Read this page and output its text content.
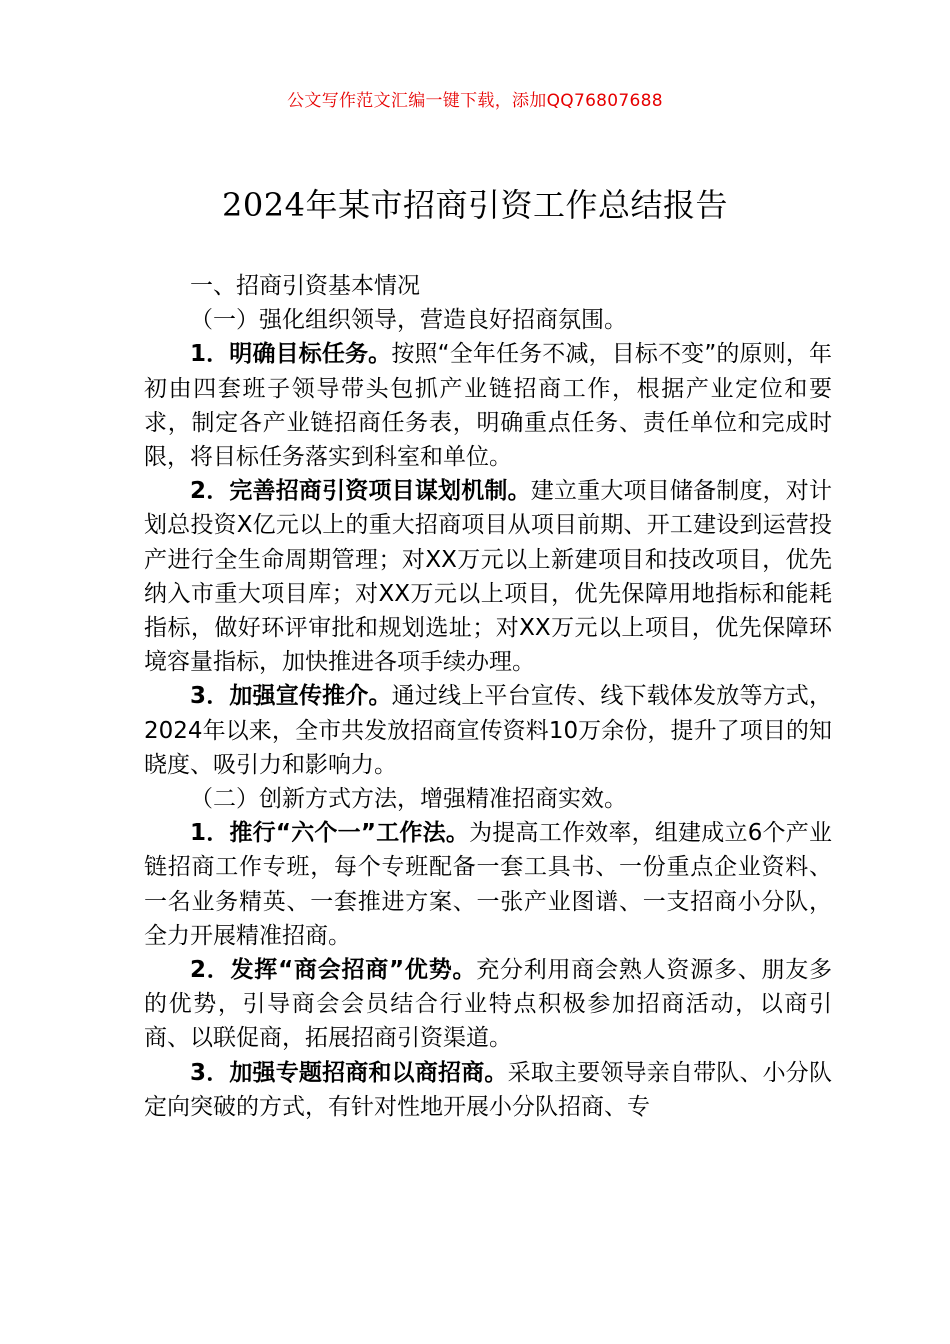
公文写作范文汇编一键下载，添加QQ76807688
2024年某市招商引资工作总结报告

一、招商引资基本情况

（一）强化组织领导，营造良好招商氛围。

1．明确目标任务。按照“全年任务不减，目标不变”的原则，年初由四套班子领导带头包抓产业链招商工作，根据产业定位和要求，制定各产业链招商任务表，明确重点任务、责任单位和完成时限，将目标任务落实到科室和单位。

2．完善招商引资项目谋划机制。建立重大项目储备制度，对计划总投资X亿元以上的重大招商项目从项目前期、开工建设到运营投产进行全生命周期管理；对XX万元以上新建项目和技改项目，优先纳入市重大项目库；对XX万元以上项目，优先保障用地指标和能耗指标，做好环评审批和规划选址；对XX万元以上项目，优先保障环境容量指标，加快推进各项手续办理。

3．加强宣传推介。通过线上平台宣传、线下载体发放等方式，2024年以来，全市共发放招商宣传资料10万余份，提升了项目的知晓度、吸引力和影响力。

（二）创新方式方法，增强精准招商实效。

1．推行“六个一”工作法。为提高工作效率，组建成立6个产业链招商工作专班，每个专班配备一套工具书、一份重点企业资料、一名业务精英、一套推进方案、一张产业图谱、一支招商小分队，全力开展精准招商。

2．发挥“商会招商”优势。充分利用商会熟人资源多、朋友多的优势，引导商会会员结合行业特点积极参加招商活动，以商引商、以联促商，拓展招商引资渠道。

3．加强专题招商和以商招商。采取主要领导亲自带队、小分队定向突破的方式，有针对性地开展小分队招商、专
